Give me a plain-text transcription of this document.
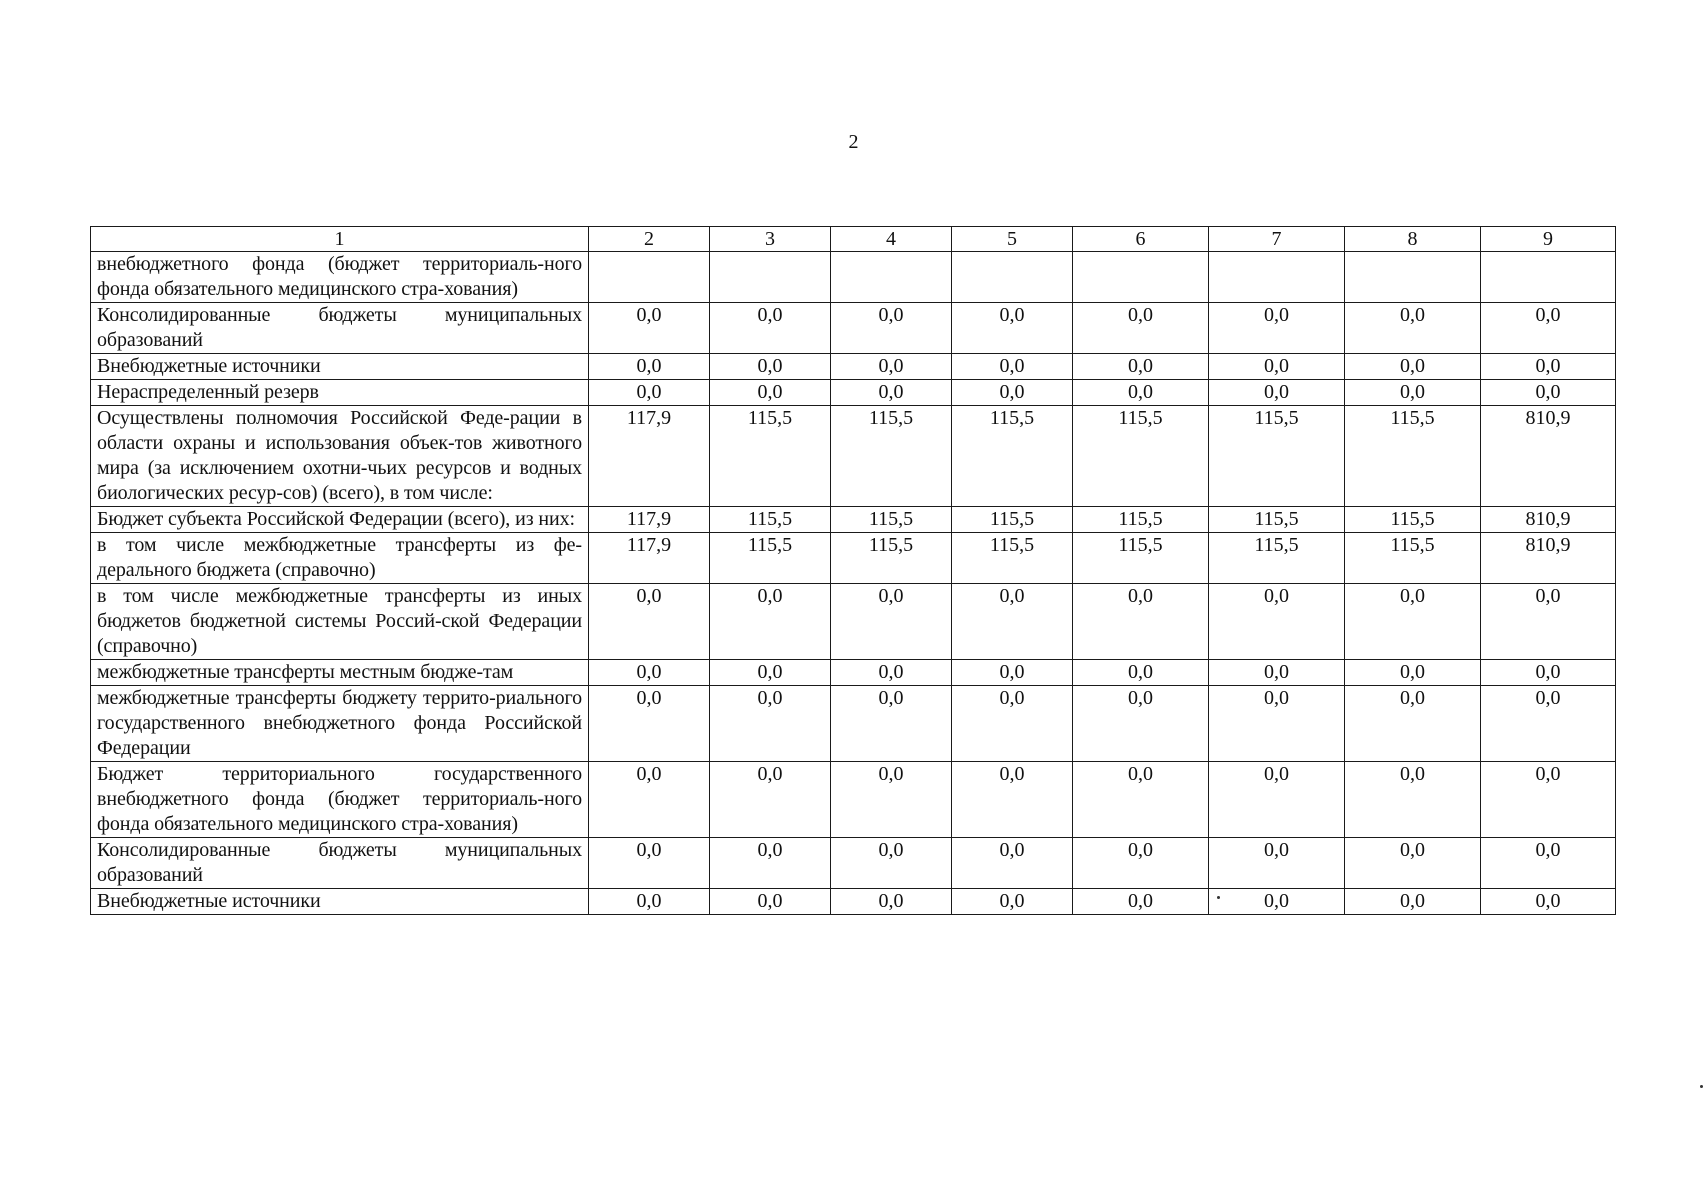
2
1	2	3	4	5	6	7	8	9
внебюджетного фонда (бюджет территориаль-ного фонда обязательного медицинского стра-хования)								
Консолидированные бюджеты муниципальных образований	0,0	0,0	0,0	0,0	0,0	0,0	0,0	0,0
Внебюджетные источники	0,0	0,0	0,0	0,0	0,0	0,0	0,0	0,0
Нераспределенный резерв	0,0	0,0	0,0	0,0	0,0	0,0	0,0	0,0
Осуществлены полномочия Российской Феде-рации в области охраны и использования объек-тов животного мира (за исключением охотни-чьих ресурсов и водных биологических ресур-сов) (всего), в том числе:	117,9	115,5	115,5	115,5	115,5	115,5	115,5	810,9
Бюджет субъекта Российской Федерации (всего), из них:	117,9	115,5	115,5	115,5	115,5	115,5	115,5	810,9
в том числе межбюджетные трансферты из фе-дерального бюджета (справочно)	117,9	115,5	115,5	115,5	115,5	115,5	115,5	810,9
в том числе межбюджетные трансферты из иных бюджетов бюджетной системы Россий-ской Федерации (справочно)	0,0	0,0	0,0	0,0	0,0	0,0	0,0	0,0
межбюджетные трансферты местным бюдже-там	0,0	0,0	0,0	0,0	0,0	0,0	0,0	0,0
межбюджетные трансферты бюджету террито-риального государственного внебюджетного фонда Российской Федерации	0,0	0,0	0,0	0,0	0,0	0,0	0,0	0,0
Бюджет территориального государственного внебюджетного фонда (бюджет территориаль-ного фонда обязательного медицинского стра-хования)	0,0	0,0	0,0	0,0	0,0	0,0	0,0	0,0
Консолидированные бюджеты муниципальных образований	0,0	0,0	0,0	0,0	0,0	0,0	0,0	0,0
Внебюджетные источники	0,0	0,0	0,0	0,0	0,0	0,0	0,0	0,0
